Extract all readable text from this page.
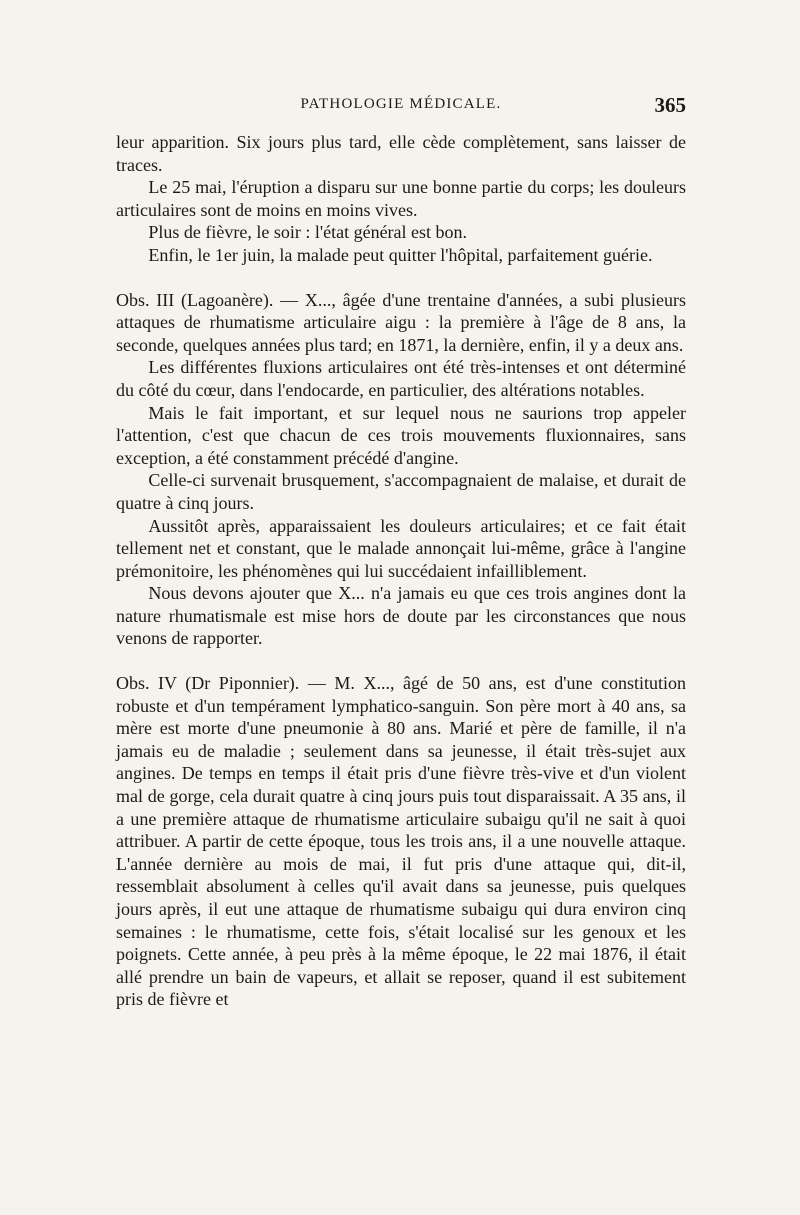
PATHOLOGIE MÉDICALE.	365

leur apparition. Six jours plus tard, elle cède complètement, sans laisser de traces.

Le 25 mai, l'éruption a disparu sur une bonne partie du corps; les douleurs articulaires sont de moins en moins vives.

Plus de fièvre, le soir : l'état général est bon.

Enfin, le 1er juin, la malade peut quitter l'hôpital, parfaitement guérie.

Obs. III (Lagoanère). — X..., âgée d'une trentaine d'années, a subi plusieurs attaques de rhumatisme articulaire aigu : la première à l'âge de 8 ans, la seconde, quelques années plus tard; en 1871, la dernière, enfin, il y a deux ans.

Les différentes fluxions articulaires ont été très-intenses et ont déterminé du côté du cœur, dans l'endocarde, en particulier, des altérations notables.

Mais le fait important, et sur lequel nous ne saurions trop appeler l'attention, c'est que chacun de ces trois mouvements fluxionnaires, sans exception, a été constamment précédé d'angine.

Celle-ci survenait brusquement, s'accompagnaient de malaise, et durait de quatre à cinq jours.

Aussitôt après, apparaissaient les douleurs articulaires; et ce fait était tellement net et constant, que le malade annonçait lui-même, grâce à l'angine prémonitoire, les phénomènes qui lui succédaient infailliblement.

Nous devons ajouter que X... n'a jamais eu que ces trois angines dont la nature rhumatismale est mise hors de doute par les circonstances que nous venons de rapporter.

Obs. IV (Dr Piponnier). — M. X..., âgé de 50 ans, est d'une constitution robuste et d'un tempérament lymphatico-sanguin. Son père mort à 40 ans, sa mère est morte d'une pneumonie à 80 ans. Marié et père de famille, il n'a jamais eu de maladie ; seulement dans sa jeunesse, il était très-sujet aux angines. De temps en temps il était pris d'une fièvre très-vive et d'un violent mal de gorge, cela durait quatre à cinq jours puis tout disparaissait. A 35 ans, il a une première attaque de rhumatisme articulaire subaigu qu'il ne sait à quoi attribuer. A partir de cette époque, tous les trois ans, il a une nouvelle attaque. L'année dernière au mois de mai, il fut pris d'une attaque qui, dit-il, ressemblait absolument à celles qu'il avait dans sa jeunesse, puis quelques jours après, il eut une attaque de rhumatisme subaigu qui dura environ cinq semaines : le rhumatisme, cette fois, s'était localisé sur les genoux et les poignets. Cette année, à peu près à la même époque, le 22 mai 1876, il était allé prendre un bain de vapeurs, et allait se reposer, quand il est subitement pris de fièvre et
